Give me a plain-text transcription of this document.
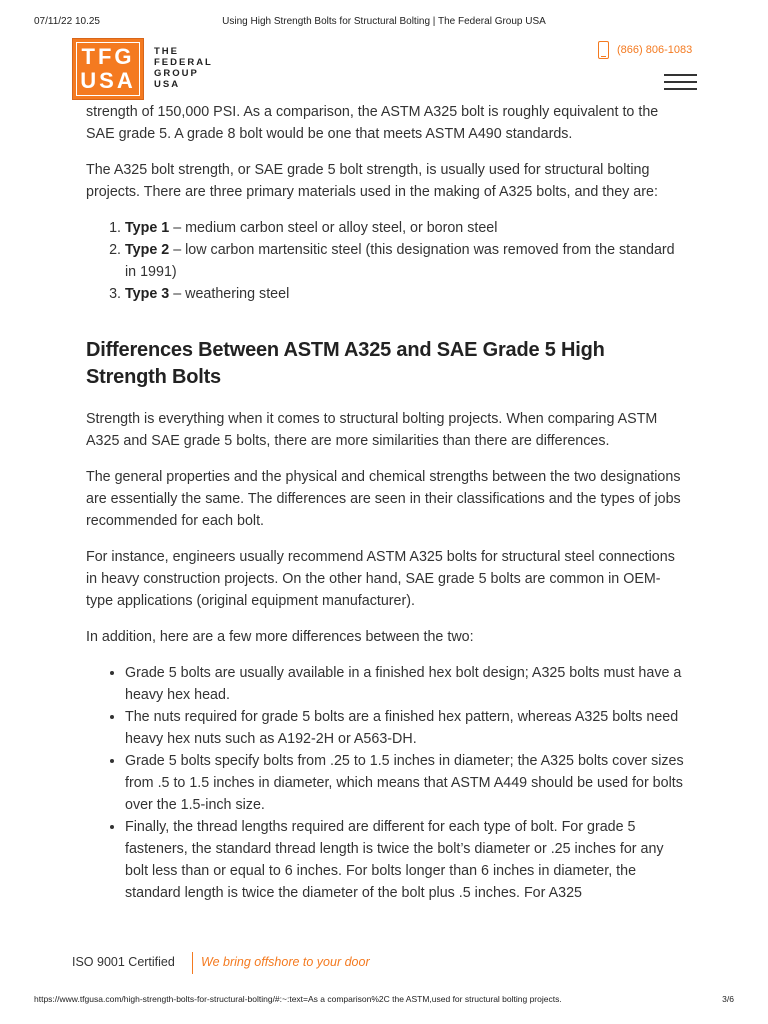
07/11/22 10.25	Using High Strength Bolts for Structural Bolting | The Federal Group USA

strength of 150,000 PSI. As a comparison, the ASTM A325 bolt is roughly equivalent to the SAE grade 5. A grade 8 bolt would be one that meets ASTM A490 standards.

The A325 bolt strength, or SAE grade 5 bolt strength, is usually used for structural bolting projects. There are three primary materials used in the making of A325 bolts, and they are:

1. Type 1 – medium carbon steel or alloy steel, or boron steel
2. Type 2 – low carbon martensitic steel (this designation was removed from the standard in 1991)
3. Type 3 – weathering steel
Differences Between ASTM A325 and SAE Grade 5 High Strength Bolts

Strength is everything when it comes to structural bolting projects. When comparing ASTM A325 and SAE grade 5 bolts, there are more similarities than there are differences.

The general properties and the physical and chemical strengths between the two designations are essentially the same. The differences are seen in their classifications and the types of jobs recommended for each bolt.

For instance, engineers usually recommend ASTM A325 bolts for structural steel connections in heavy construction projects. On the other hand, SAE grade 5 bolts are common in OEM-type applications (original equipment manufacturer).

In addition, here are a few more differences between the two:

• Grade 5 bolts are usually available in a finished hex bolt design; A325 bolts must have a heavy hex head.
• The nuts required for grade 5 bolts are a finished hex pattern, whereas A325 bolts need heavy hex nuts such as A192-2H or A563-DH.
• Grade 5 bolts specify bolts from .25 to 1.5 inches in diameter; the A325 bolts cover sizes from .5 to 1.5 inches in diameter, which means that ASTM A449 should be used for bolts over the 1.5-inch size.
• Finally, the thread lengths required are different for each type of bolt. For grade 5 fasteners, the standard thread length is twice the bolt’s diameter or .25 inches for any bolt less than or equal to 6 inches. For bolts longer than 6 inches in diameter, the standard length is twice the diameter of the bolt plus .5 inches. For A325
TFG
USA
THE
FEDERAL
GROUP
USA
(866) 806-1083
ISO 9001 Certified We bring offshore to your door
https://www.tfgusa.com/high-strength-bolts-for-structural-bolting/#:~:text=As a comparison%2C the ASTM,used for structural bolting projects.	3/6
